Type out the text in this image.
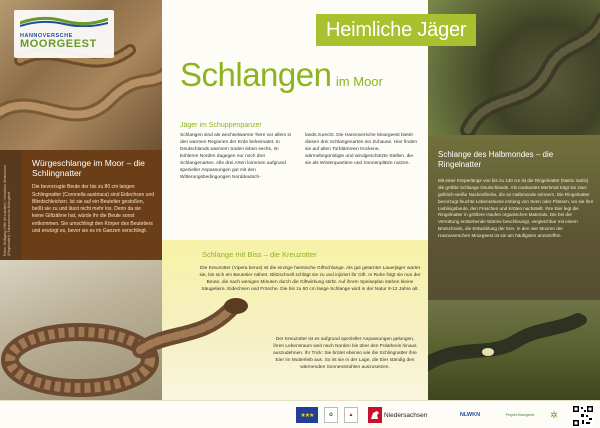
HANNOVERSCHE
MOORGEEST
Fotos: Wolfgang Völkl (Kreuzotter) / Sebastian Strathmann (Ringelnatter) / Hannoversche Moorgeest
Würgeschlange im Moor – die Schlingnatter

Die bevorzugte Beute der bis zu 80 cm langen Schlingnatter (Coronella austriaca) sind Eidechsen und Blindschleichen. Ist sie auf ein Beutetier gestoßen, beißt sie zu und lässt nicht mehr los. Denn da sie keine Giftzähne hat, würde ihr die Beute sonst entkommen. Sie umschlingt den Körper des Beutetiers und erwürgt es, bevor sie es im Ganzen verschlingt.

Schlangen im Moor
Jäger im Schuppenpanzer

Schlangen sind als wechselwarme Tiere vor allem in den warmen Regionen der Erde beheimatet. In Deutschlands warmem Süden leben sechs, im kühleren Norden dagegen nur noch drei Schlangenarten. Alle drei Arten kommen aufgrund spezieller Anpassungen gut mit den Witterungsbedingungen Norddeutsch-

lands zurecht. Die Hannoversche Moorgeest bietet diesen drei Schlangenarten ein Zuhause. Hier finden sie auf alten Torfdämmen trockene, wärmebegünstigte und windgeschützte Stellen, die sie als Winterquartiere und Sonnenplätze nutzen.

Schlange mit Biss – die Kreuzotter
Die Kreuzotter (Vipera berus) ist die einzige heimische Giftschlange. Als gut getarnter Lauerjäger wartet sie, bis sich ein Beutetier nähert. Blitzschnell schlägt sie zu und injiziert ihr Gift. In Ruhe folgt sie nun der Beute, die nach wenigen Minuten durch die Giftwirkung stirbt. Auf ihrem Speiseplan stehen kleine Säugetiere, Eidechsen und Frösche. Die bis zu 60 cm lange Schlange wird in der Natur 8-12 Jahre alt.
Der Kreuzotter ist es aufgrund spezieller Anpassungen gelungen, ihren Lebensraum weit nach Norden bis über den Polarkreis hinaus auszudehnen. Ihr Trick: Sie brütet ebenso wie die Schlingnatter ihre Eier im Mutterleib aus. So ist sie in der Lage, die Eier ständig den wärmenden Sonnenstrahlen auszusetzen.
Schlange des Halbmondes – die Ringelnatter

Mit einer Körperlänge von bis zu 140 cm ist die Ringelnatter (Natrix natrix) die größte Schlange Deutschlands. Als markantes Merkmal trägt sie zwei gelblich-weiße Nackenflecke, die an Halbmonde erinnern. Die Ringelnatter bevorzugt feuchte Lebensräume entlang von Seen oder Flüssen, wo sie ihre Lieblingsbeute, den Froschen und Kröten nachstellt. Ihre Eier legt die Ringelnatter in größere Haufen organischen Materials. Die bei der Verrottung entstehende Wärme beschleunigt, vergleichbar mit einem Brutschrank, die Entwicklung der Eier. In den vier Mooren der Hannoverschen Moorgeest ist sie am häufigsten anzutreffen.

Heimliche Jäger
★★★	✿	▲	Niedersachsen	NLWKN	Projekt Moorgeest	✲
